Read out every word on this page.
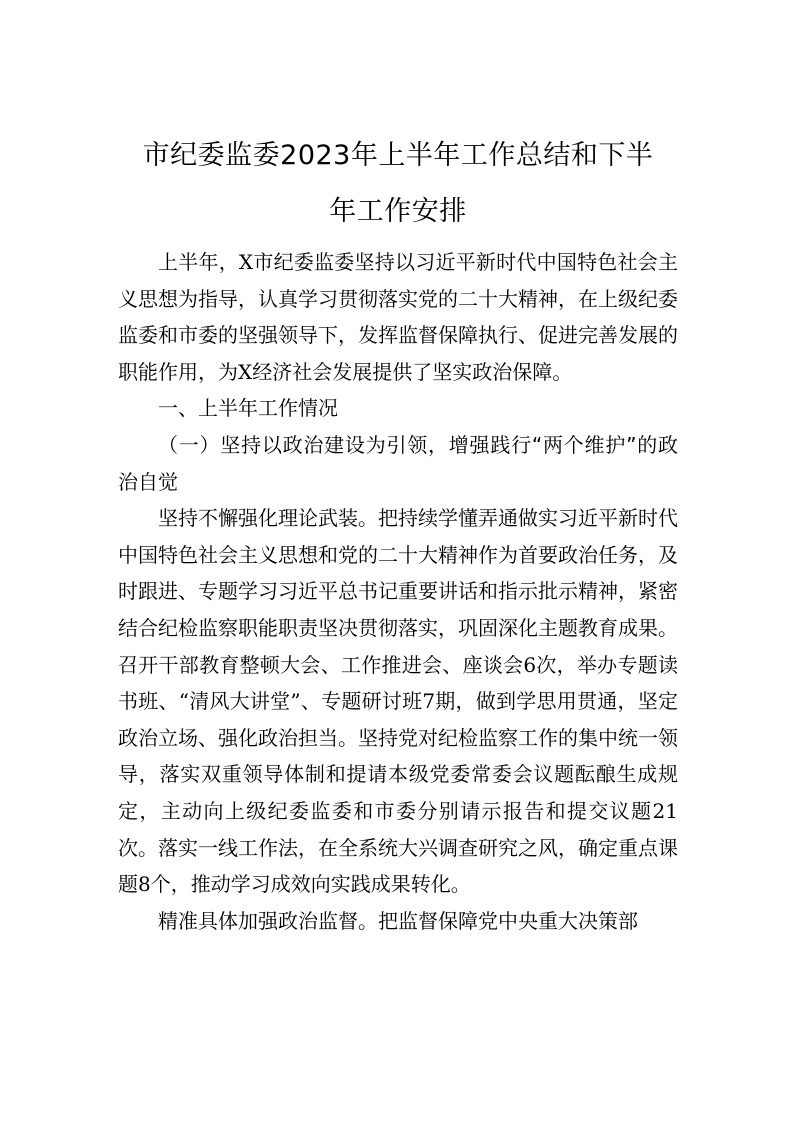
市纪委监委2023年上半年工作总结和下半
年工作安排

上半年，X市纪委监委坚持以习近平新时代中国特色社会主义思想为指导，认真学习贯彻落实党的二十大精神，在上级纪委监委和市委的坚强领导下，发挥监督保障执行、促进完善发展的职能作用，为X经济社会发展提供了坚实政治保障。

一、上半年工作情况

（一）坚持以政治建设为引领，增强践行“两个维护”的政治自觉

坚持不懈强化理论武装。把持续学懂弄通做实习近平新时代中国特色社会主义思想和党的二十大精神作为首要政治任务，及时跟进、专题学习习近平总书记重要讲话和指示批示精神，紧密结合纪检监察职能职责坚决贯彻落实，巩固深化主题教育成果。召开干部教育整顿大会、工作推进会、座谈会6次，举办专题读书班、“清风大讲堂”、专题研讨班7期，做到学思用贯通，坚定政治立场、强化政治担当。坚持党对纪检监察工作的集中统一领导，落实双重领导体制和提请本级党委常委会议题酝酿生成规定，主动向上级纪委监委和市委分别请示报告和提交议题21次。落实一线工作法，在全系统大兴调查研究之风，确定重点课题8个，推动学习成效向实践成果转化。

精准具体加强政治监督。把监督保障党中央重大决策部
